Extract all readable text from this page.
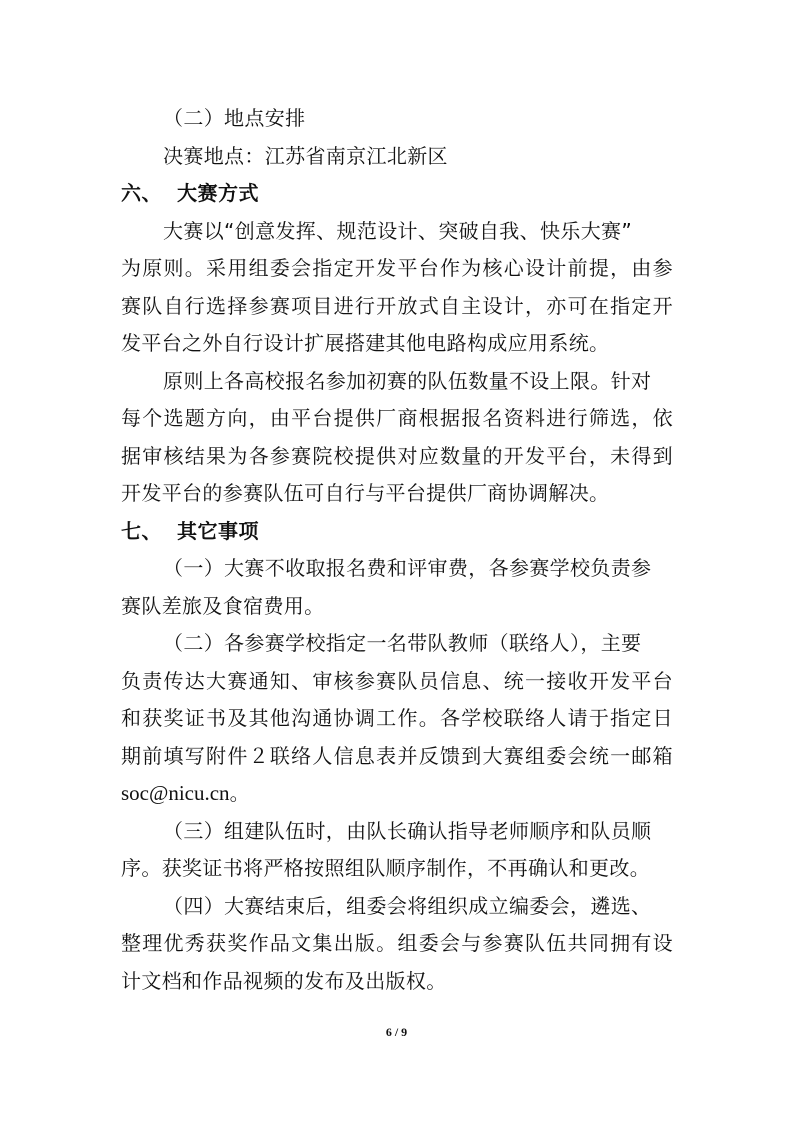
（二）地点安排
决赛地点：江苏省南京江北新区
六、 大赛方式
大赛以“创意发挥、规范设计、突破自我、快乐大赛”
为原则。采用组委会指定开发平台作为核心设计前提，由参
赛队自行选择参赛项目进行开放式自主设计，亦可在指定开
发平台之外自行设计扩展搭建其他电路构成应用系统。
原则上各高校报名参加初赛的队伍数量不设上限。针对
每个选题方向，由平台提供厂商根据报名资料进行筛选，依
据审核结果为各参赛院校提供对应数量的开发平台，未得到
开发平台的参赛队伍可自行与平台提供厂商协调解决。
七、 其它事项
（一）大赛不收取报名费和评审费，各参赛学校负责参
赛队差旅及食宿费用。
（二）各参赛学校指定一名带队教师（联络人），主要
负责传达大赛通知、审核参赛队员信息、统一接收开发平台
和获奖证书及其他沟通协调工作。各学校联络人请于指定日
期前填写附件２联络人信息表并反馈到大赛组委会统一邮箱
soc@nicu.cn。
（三）组建队伍时，由队长确认指导老师顺序和队员顺
序。获奖证书将严格按照组队顺序制作，不再确认和更改。
（四）大赛结束后，组委会将组织成立编委会，遴选、
整理优秀获奖作品文集出版。组委会与参赛队伍共同拥有设
计文档和作品视频的发布及出版权。
6 / 9
